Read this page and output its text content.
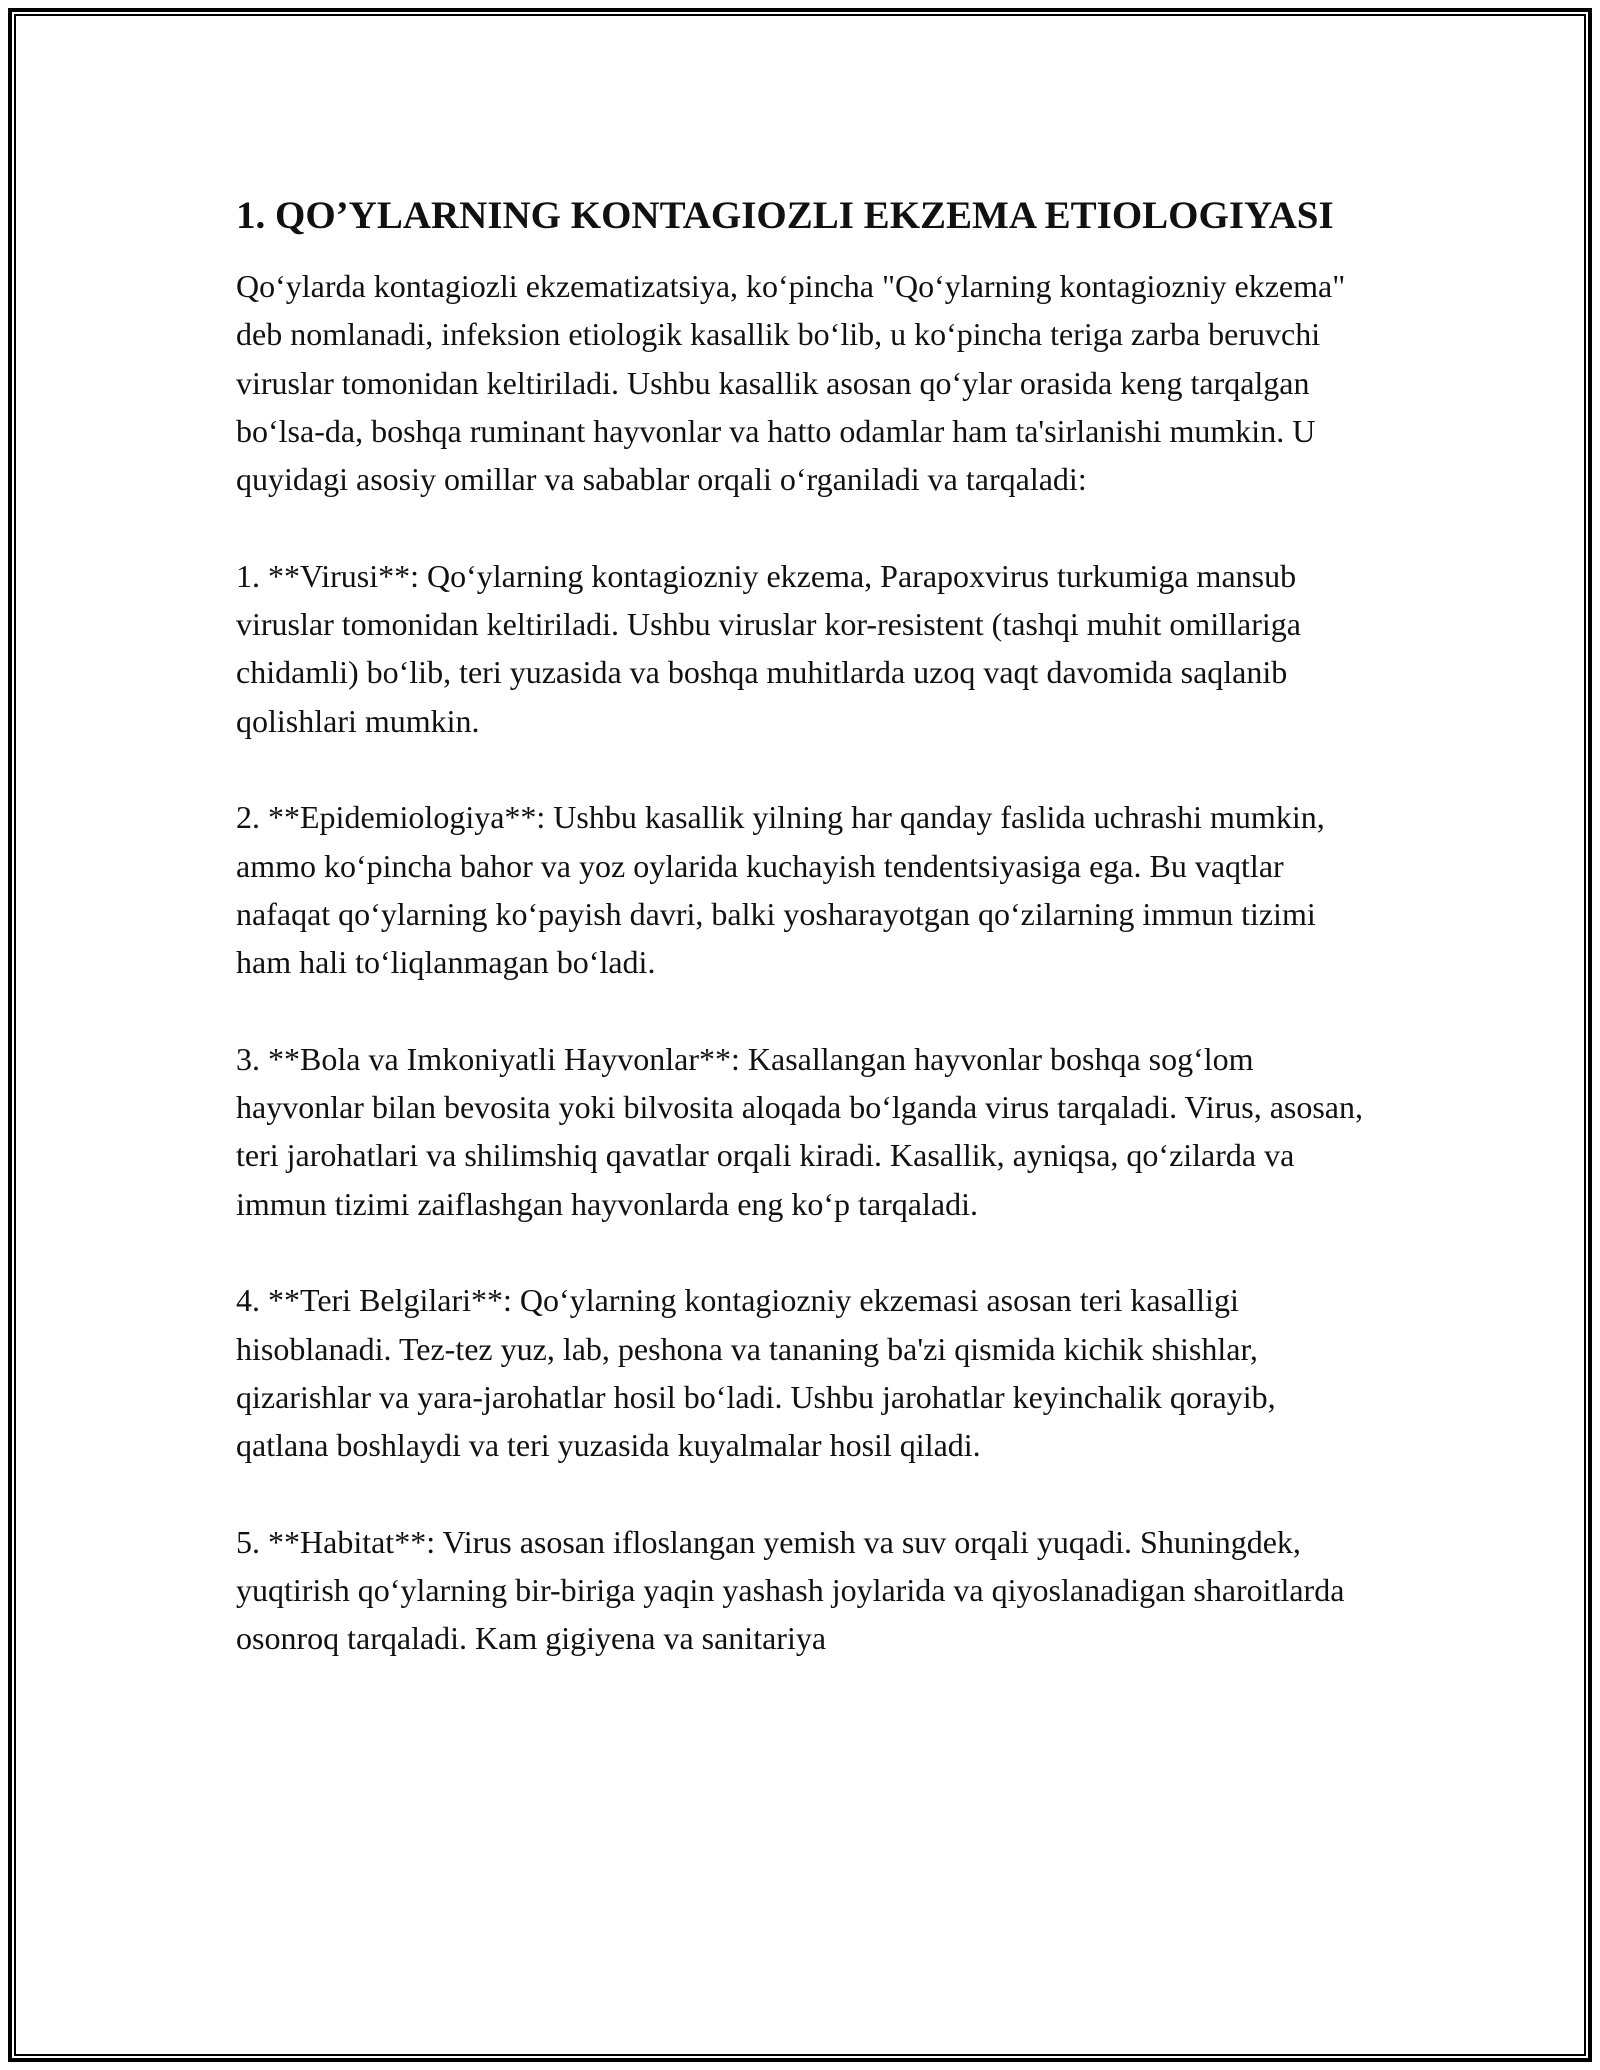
1. QO’YLARNING KONTAGIOZLI EKZEMA ETIOLOGIYASI

Qo‘ylarda kontagiozli ekzematizatsiya, ko‘pincha "Qo‘ylarning kontagiozniy ekzema" deb nomlanadi, infeksion etiologik kasallik bo‘lib, u ko‘pincha teriga zarba beruvchi viruslar tomonidan keltiriladi. Ushbu kasallik asosan qo‘ylar orasida keng tarqalgan bo‘lsa-da, boshqa ruminant hayvonlar va hatto odamlar ham ta'sirlanishi mumkin. U quyidagi asosiy omillar va sabablar orqali o‘rganiladi va tarqaladi:

1. **Virusi**: Qo‘ylarning kontagiozniy ekzema, Parapoxvirus turkumiga mansub viruslar tomonidan keltiriladi. Ushbu viruslar kor-resistent (tashqi muhit omillariga chidamli) bo‘lib, teri yuzasida va boshqa muhitlarda uzoq vaqt davomida saqlanib qolishlari mumkin.

2. **Epidemiologiya**: Ushbu kasallik yilning har qanday faslida uchrashi mumkin, ammo ko‘pincha bahor va yoz oylarida kuchayish tendentsiyasiga ega. Bu vaqtlar nafaqat qo‘ylarning ko‘payish davri, balki yosharayotgan qo‘zilarning immun tizimi ham hali to‘liqlanmagan bo‘ladi.

3. **Bola va Imkoniyatli Hayvonlar**: Kasallangan hayvonlar boshqa sog‘lom hayvonlar bilan bevosita yoki bilvosita aloqada bo‘lganda virus tarqaladi. Virus, asosan, teri jarohatlari va shilimshiq qavatlar orqali kiradi. Kasallik, ayniqsa, qo‘zilarda va immun tizimi zaiflashgan hayvonlarda eng ko‘p tarqaladi.

4. **Teri Belgilari**: Qo‘ylarning kontagiozniy ekzemasi asosan teri kasalligi hisoblanadi. Tez-tez yuz, lab, peshona va tananing ba'zi qismida kichik shishlar, qizarishlar va yara-jarohatlar hosil bo‘ladi. Ushbu jarohatlar keyinchalik qorayib, qatlana boshlaydi va teri yuzasida kuyalmalar hosil qiladi.

5. **Habitat**: Virus asosan ifloslangan yemish va suv orqali yuqadi. Shuningdek, yuqtirish qo‘ylarning bir-biriga yaqin yashash joylarida va qiyoslanadigan sharoitlarda osonroq tarqaladi. Kam gigiyena va sanitariya
